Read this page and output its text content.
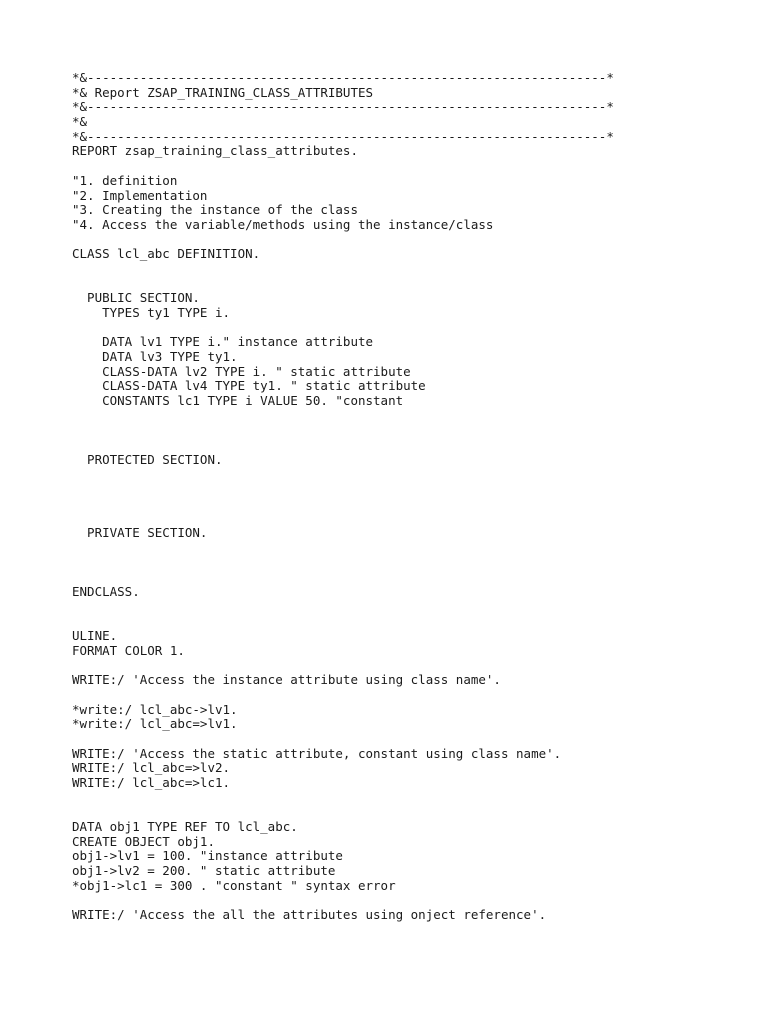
*&---------------------------------------------------------------------*
*& Report ZSAP_TRAINING_CLASS_ATTRIBUTES
*&---------------------------------------------------------------------*
*&
*&---------------------------------------------------------------------*
REPORT zsap_training_class_attributes.
"1. definition
"2. Implementation
"3. Creating the instance of the class
"4. Access the variable/methods using the instance/class
CLASS lcl_abc DEFINITION.
PUBLIC SECTION.
TYPES ty1 TYPE i.
DATA lv1 TYPE i." instance attribute
DATA lv3 TYPE ty1.
CLASS-DATA lv2 TYPE i. " static attribute
CLASS-DATA lv4 TYPE ty1. " static attribute
CONSTANTS lc1 TYPE i VALUE 50. "constant
PROTECTED SECTION.
PRIVATE SECTION.
ENDCLASS.
ULINE.
FORMAT COLOR 1.
WRITE:/ 'Access the instance attribute using class name'.
*write:/ lcl_abc->lv1.
*write:/ lcl_abc=>lv1.
WRITE:/ 'Access the static attribute, constant using class name'.
WRITE:/ lcl_abc=>lv2.
WRITE:/ lcl_abc=>lc1.
DATA obj1 TYPE REF TO lcl_abc.
CREATE OBJECT obj1.
obj1->lv1 = 100. "instance attribute
obj1->lv2 = 200. " static attribute
*obj1->lc1 = 300 . "constant " syntax error
WRITE:/ 'Access the all the attributes using onject reference'.
